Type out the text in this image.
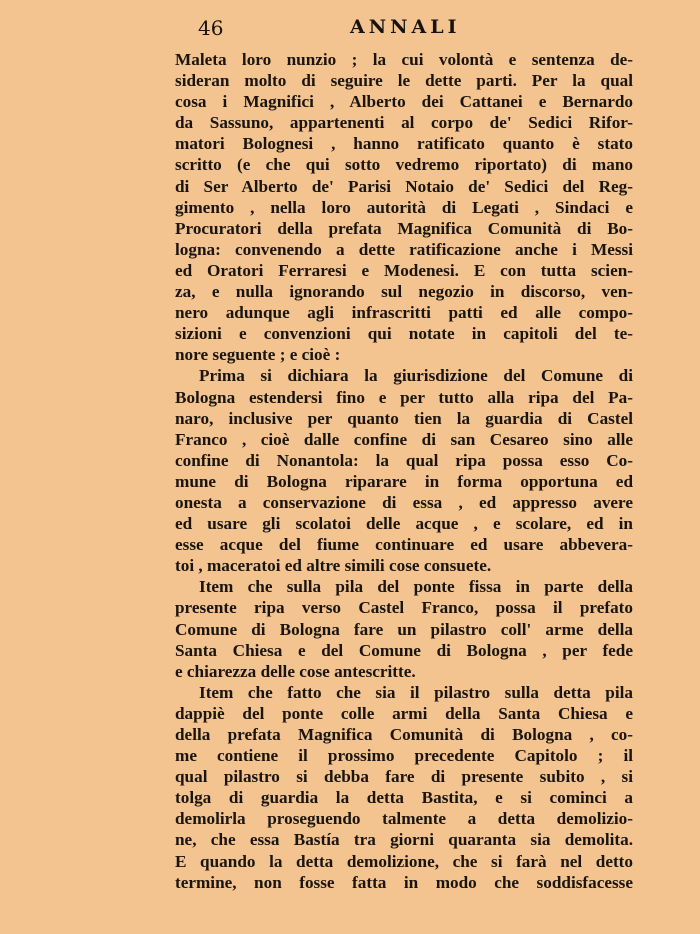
46	ANNALI
Maleta loro nunzio ; la cui volontà e sentenza de-
sideran molto di seguire le dette parti. Per la qual
cosa i Magnifici , Alberto dei Cattanei e Bernardo
da Sassuno, appartenenti al corpo de' Sedici Rifor-
matori Bolognesi , hanno ratificato quanto è stato
scritto (e che qui sotto vedremo riportato) di mano
di Ser Alberto de' Parisi Notaio de' Sedici del Reg-
gimento , nella loro autorità di Legati , Sindaci e
Procuratori della prefata Magnifica Comunità di Bo-
logna: convenendo a dette ratificazione anche i Messi
ed Oratori Ferraresi e Modenesi. E con tutta scien-
za, e nulla ignorando sul negozio in discorso, ven-
nero adunque agli infrascritti patti ed alle compo-
sizioni e convenzioni qui notate in capitoli del te-
nore seguente ; e cioè :
Prima si dichiara la giurisdizione del Comune di
Bologna estendersi fino e per tutto alla ripa del Pa-
naro, inclusive per quanto tien la guardia di Castel
Franco , cioè dalle confine di san Cesareo sino alle
confine di Nonantola: la qual ripa possa esso Co-
mune di Bologna riparare in forma opportuna ed
onesta a conservazione di essa , ed appresso avere
ed usare gli scolatoi delle acque , e scolare, ed in
esse acque del fiume continuare ed usare abbevera-
toi , maceratoi ed altre simili cose consuete.
Item che sulla pila del ponte fissa in parte della
presente ripa verso Castel Franco, possa il prefato
Comune di Bologna fare un pilastro coll' arme della
Santa Chiesa e del Comune di Bologna , per fede
e chiarezza delle cose antescritte.
Item che fatto che sia il pilastro sulla detta pila
dappiè del ponte colle armi della Santa Chiesa e
della prefata Magnifica Comunità di Bologna , co-
me contiene il prossimo precedente Capitolo ; il
qual pilastro si debba fare di presente subito , si
tolga di guardia la detta Bastita, e si cominci a
demolirla proseguendo talmente a detta demolizio-
ne, che essa Bastía tra giorni quaranta sia demolita.
E quando la detta demolizione, che si farà nel detto
termine, non fosse fatta in modo che soddisfacesse
